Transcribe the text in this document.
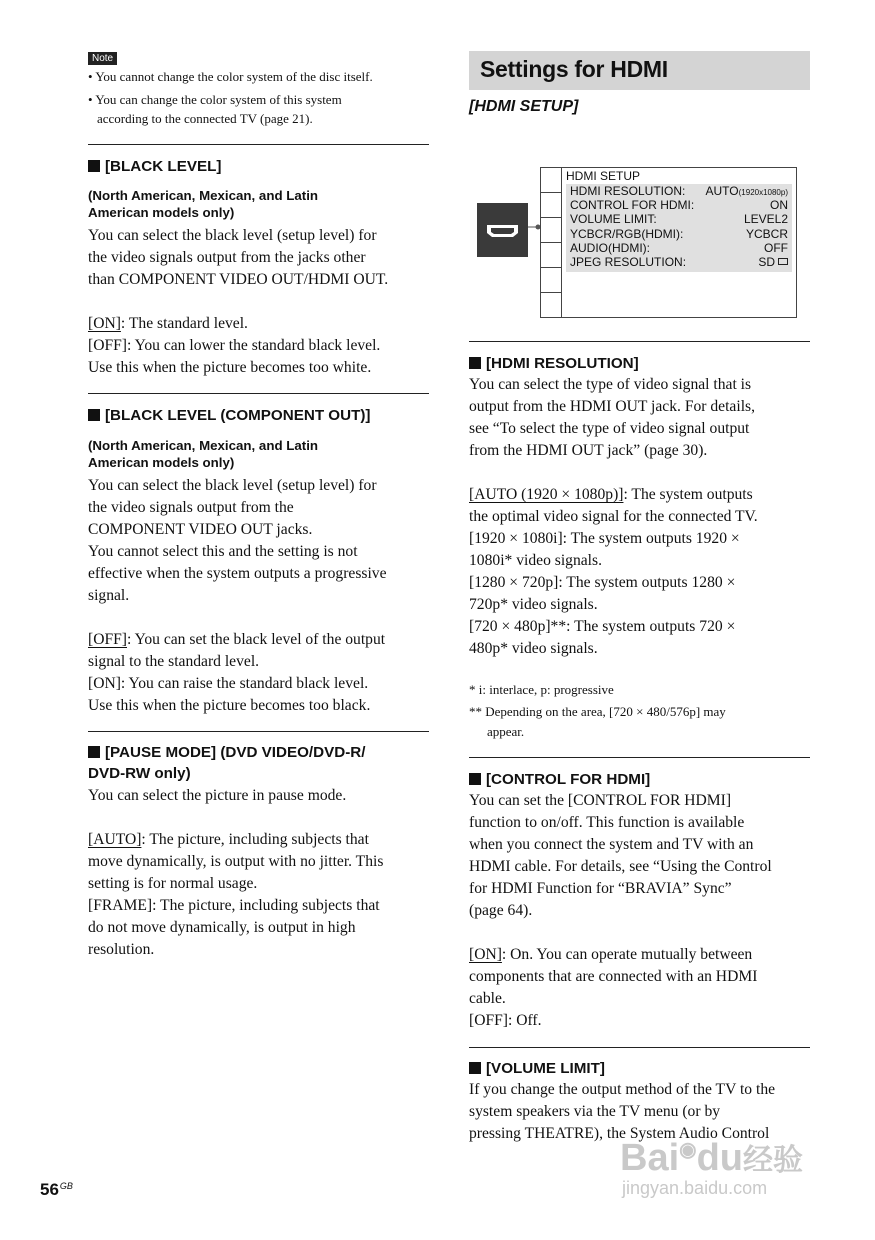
Note
• You cannot change the color system of the disc itself.
• You can change the color system of this system
according to the connected TV (page 21).
[BLACK LEVEL]
(North American, Mexican, and Latin
American models only)
You can select the black level (setup level) for
the video signals output from the jacks other
than COMPONENT VIDEO OUT/HDMI OUT.

[ON]: The standard level.
[OFF]: You can lower the standard black level.
Use this when the picture becomes too white.
[BLACK LEVEL (COMPONENT OUT)]
(North American, Mexican, and Latin
American models only)
You can select the black level (setup level) for
the video signals output from the
COMPONENT VIDEO OUT jacks.
You cannot select this and the setting is not
effective when the system outputs a progressive
signal.

[OFF]: You can set the black level of the output
signal to the standard level.
[ON]: You can raise the standard black level.
Use this when the picture becomes too black.
[PAUSE MODE] (DVD VIDEO/DVD-R/
DVD-RW only)
You can select the picture in pause mode.

[AUTO]: The picture, including subjects that
move dynamically, is output with no jitter. This
setting is for normal usage.
[FRAME]: The picture, including subjects that
do not move dynamically, is output in high
resolution.
Settings for HDMI
[HDMI SETUP]
HDMI SETUP
HDMI RESOLUTION: AUTO(1920x1080p)
CONTROL FOR HDMI:	ON
VOLUME LIMIT:	LEVEL2
YCBCR/RGB(HDMI):	YCBCR
AUDIO(HDMI):	OFF
JPEG RESOLUTION:	SD
[HDMI RESOLUTION]
You can select the type of video signal that is
output from the HDMI OUT jack. For details,
see “To select the type of video signal output
from the HDMI OUT jack” (page 30).

[AUTO (1920 × 1080p)]: The system outputs
the optimal video signal for the connected TV.
[1920 × 1080i]: The system outputs 1920 ×
1080i* video signals.
[1280 × 720p]: The system outputs 1280 ×
720p* video signals.
[720 × 480p]**: The system outputs 720 ×
480p* video signals.
* i: interlace, p: progressive
** Depending on the area, [720 × 480/576p] may
appear.
[CONTROL FOR HDMI]
You can set the [CONTROL FOR HDMI]
function to on/off. This function is available
when you connect the system and TV with an
HDMI cable. For details, see “Using the Control
for HDMI Function for “BRAVIA” Sync”
(page 64).

[ON]: On. You can operate mutually between
components that are connected with an HDMI
cable.
[OFF]: Off.
[VOLUME LIMIT]
If you change the output method of the TV to the
system speakers via the TV menu (or by
pressing THEATRE), the System Audio Control
Bai◉du经验
jingyan.baidu.com
$56^{GB}$
